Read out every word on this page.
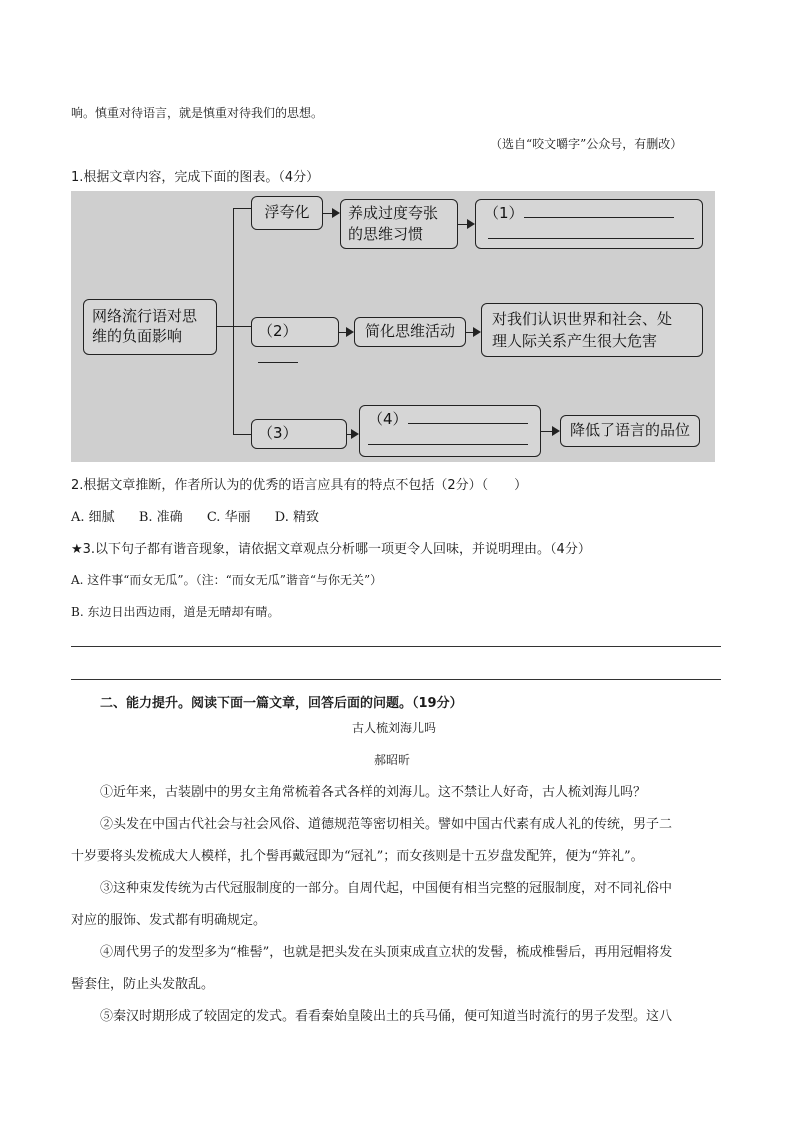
响。慎重对待语言，就是慎重对待我们的思想。
（选自“咬文嚼字”公众号，有删改）
1.根据文章内容，完成下面的图表。（4分）
网络流行语对思
维的负面影响
浮夸化	养成过度夸张
的思维习惯
（1）
（2）	简化思维活动
对我们认识世界和社会、处
理人际关系产生很大危害
（3）
（4）
降低了语言的品位
2.根据文章推断，作者所认为的优秀的语言应具有的特点不包括（2分）（　　）
A. 细腻 B. 准确 C. 华丽 D. 精致
★3.以下句子都有谐音现象，请依据文章观点分析哪一项更令人回味，并说明理由。（4分）
A. 这件事“而女无瓜”。（注：“而女无瓜”谐音“与你无关”）
B. 东边日出西边雨，道是无晴却有晴。
二、能力提升。阅读下面一篇文章，回答后面的问题。（19分）
古人梳刘海儿吗
郝昭昕
①近年来，古装剧中的男女主角常梳着各式各样的刘海儿。这不禁让人好奇，古人梳刘海儿吗？
②头发在中国古代社会与社会风俗、道德规范等密切相关。譬如中国古代素有成人礼的传统，男子二
十岁要将头发梳成大人模样，扎个髻再戴冠即为“冠礼”；而女孩则是十五岁盘发配笄，便为“笄礼”。
③这种束发传统为古代冠服制度的一部分。自周代起，中国便有相当完整的冠服制度，对不同礼俗中
对应的服饰、发式都有明确规定。
④周代男子的发型多为“椎髻”，也就是把头发在头顶束成直立状的发髻，梳成椎髻后，再用冠帽将发
髻套住，防止头发散乱。
⑤秦汉时期形成了较固定的发式。看看秦始皇陵出土的兵马俑，便可知道当时流行的男子发型。这八
